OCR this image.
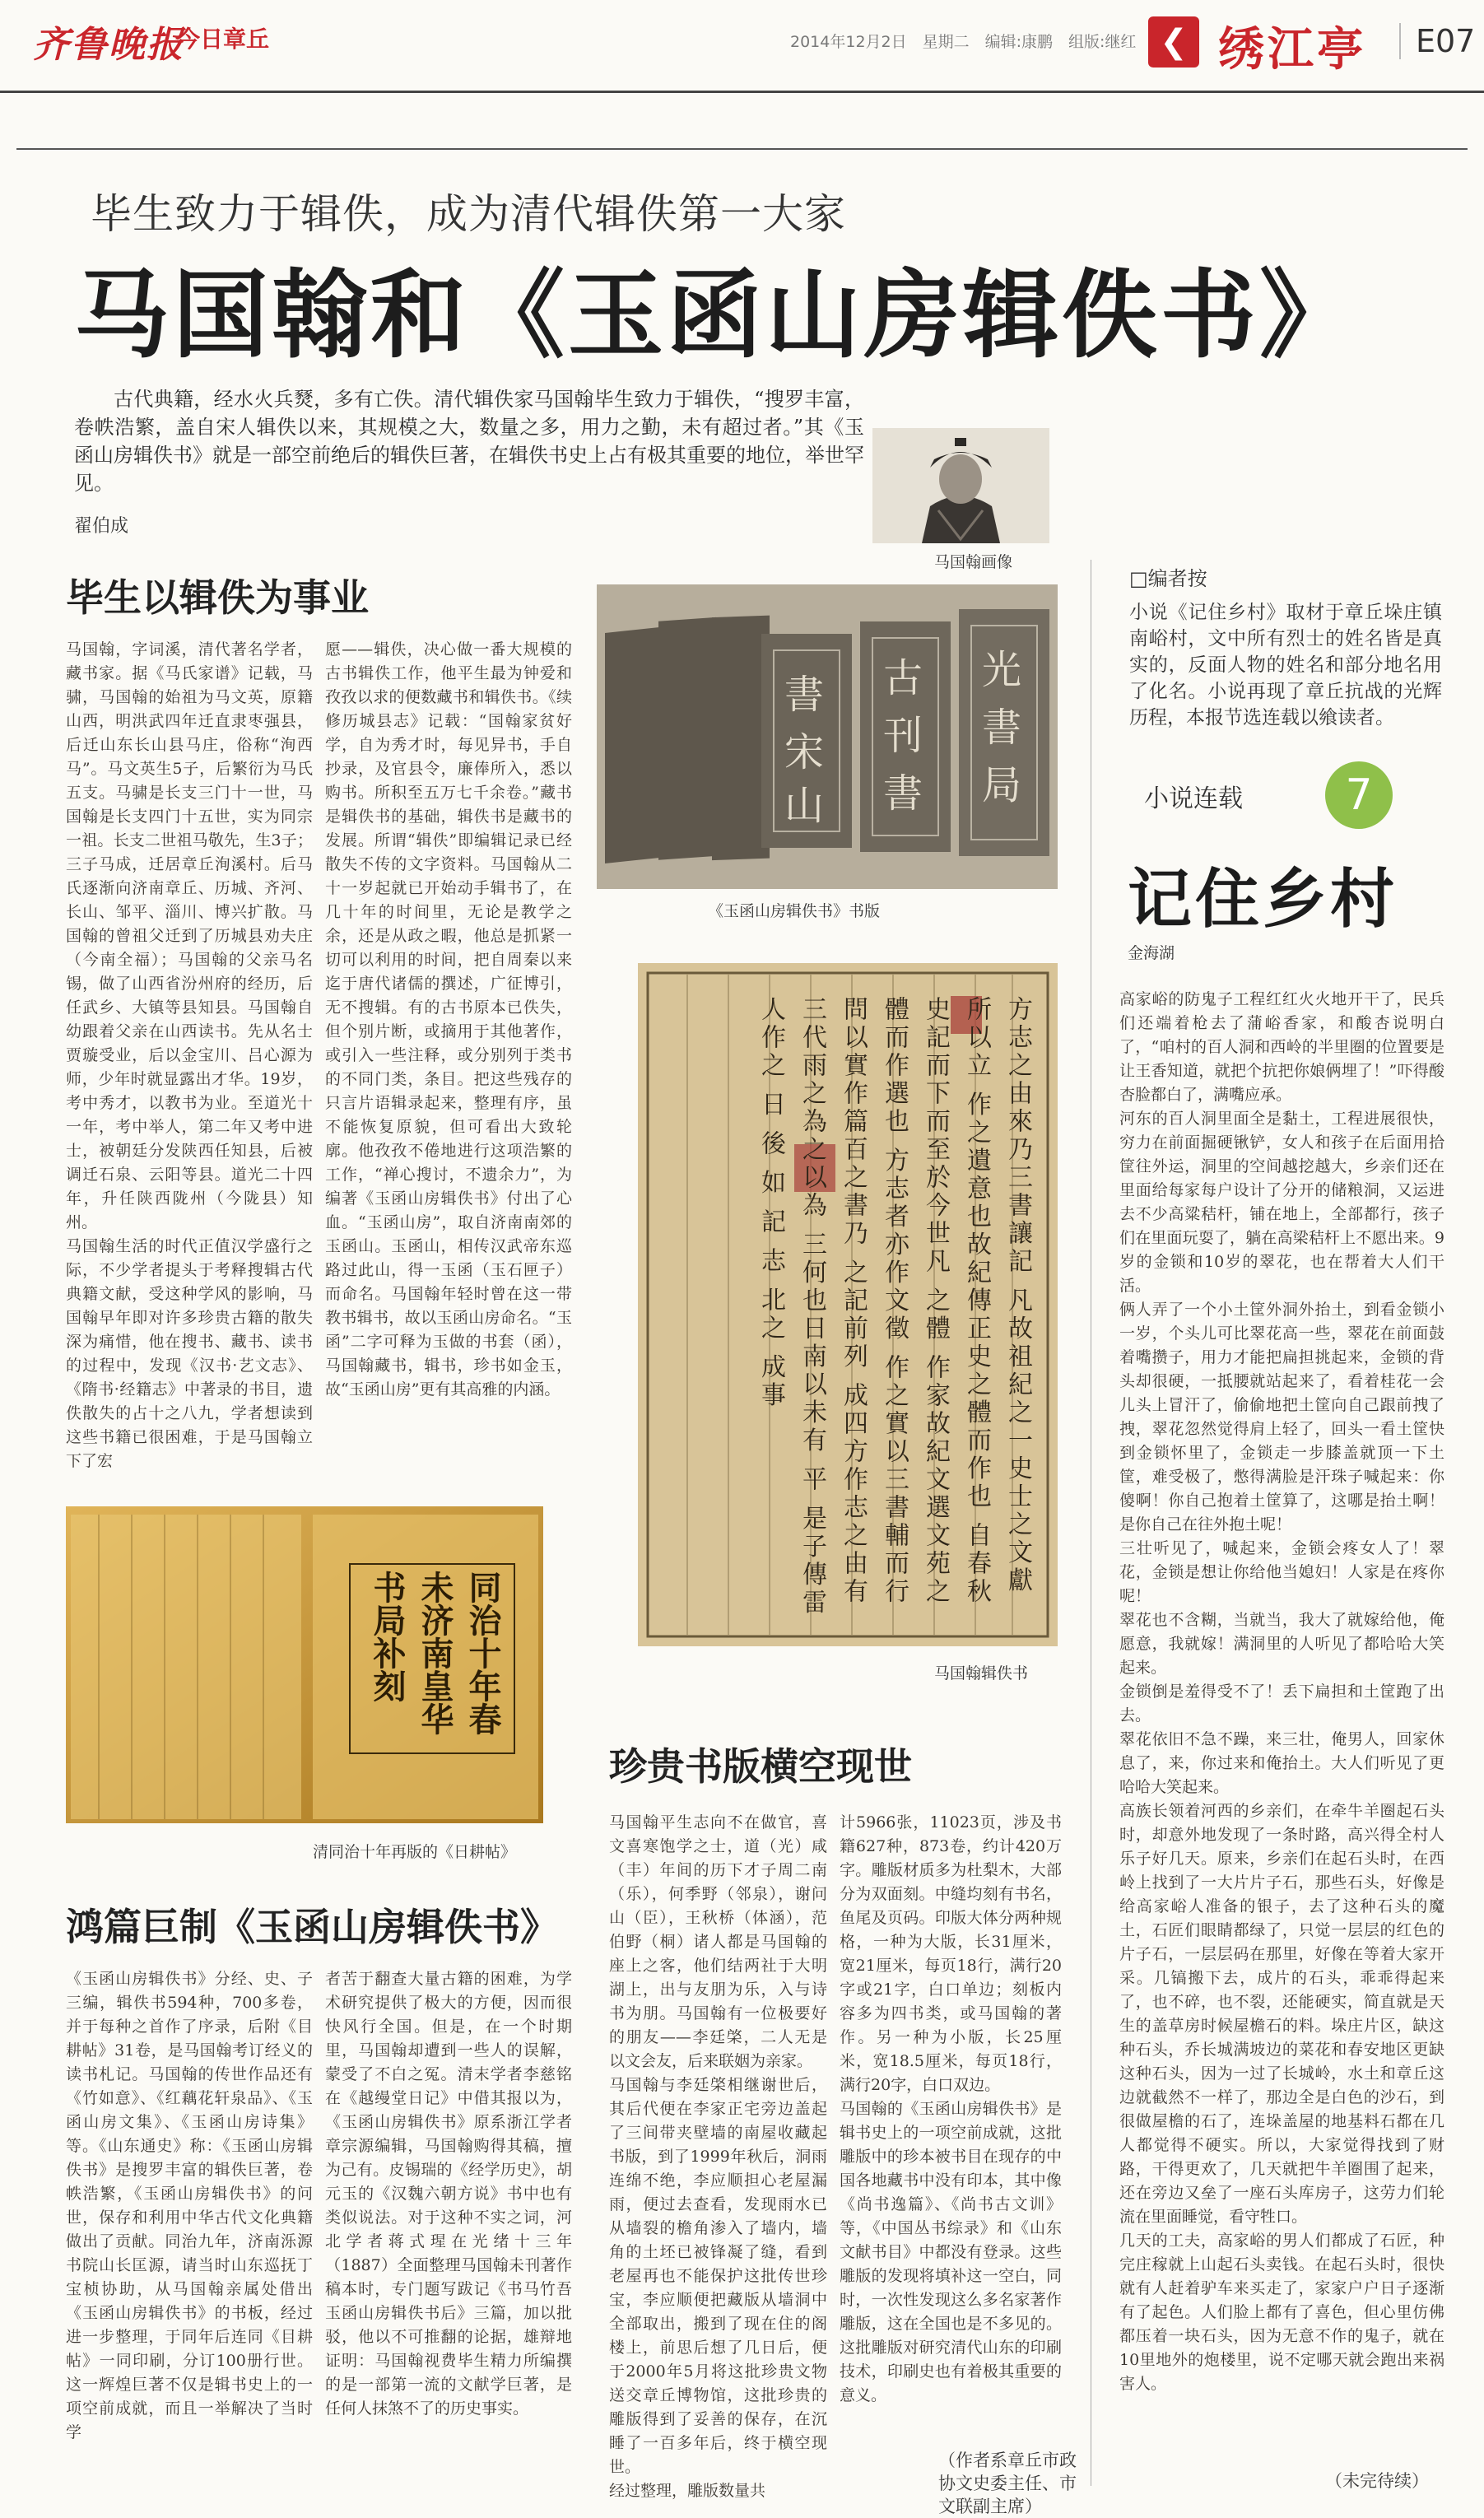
齐鲁晚报
今日章丘	2014年12月2日　星期二　编辑:康鹏　组版:继红 ❮ 绣江亭	E07
毕生致力于辑佚，成为清代辑佚第一大家
马国翰和《玉函山房辑佚书》
古代典籍，经水火兵燹，多有亡佚。清代辑佚家马国翰毕生致力于辑佚，“搜罗丰富，卷帙浩繁，盖自宋人辑佚以来，其规模之大，数量之多，用力之勤，未有超过者。”其《玉函山房辑佚书》就是一部空前绝后的辑佚巨著，在辑佚书史上占有极其重要的地位，举世罕见。
翟伯成
马国翰画像
毕生以辑佚为事业
马国翰，字词溪，清代著名学者，藏书家。据《马氏家谱》记载，马骕，马国翰的始祖为马文英，原籍山西，明洪武四年迁直隶枣强县，后迁山东长山县马庄，俗称“洵西马”。马文英生5子，后繁衍为马氏五支。马骕是长支三门十一世，马国翰是长支四门十五世，实为同宗一祖。长支二世祖马敬先，生3子；三子马成，迁居章丘洵溪村。后马氏逐渐向济南章丘、历城、齐河、长山、邹平、淄川、博兴扩散。马国翰的曾祖父迁到了历城县劝夫庄（今南全福）；马国翰的父亲马名锡，做了山西省汾州府的经历，后任武乡、大镇等县知县。马国翰自幼跟着父亲在山西读书。先从名士贾璇受业，后以金宝川、吕心源为师，少年时就显露出才华。19岁，考中秀才，以教书为业。至道光十一年，考中举人，第二年又考中进士，被朝廷分发陕西任知县，后被调迁石泉、云阳等县。道光二十四年，升任陕西陇州（今陇县）知州。
马国翰生活的时代正值汉学盛行之际，不少学者提头于考释搜辑古代典籍文献，受这种学风的影响，马国翰早年即对许多珍贵古籍的散失深为痛惜，他在搜书、藏书、读书的过程中，发现《汉书·艺文志》、《隋书·经籍志》中著录的书目，遗佚散失的占十之八九，学者想读到这些书籍已很困难，于是马国翰立下了宏
愿——辑佚，决心做一番大规模的古书辑佚工作，他平生最为钟爱和孜孜以求的便数藏书和辑佚书。《续修历城县志》记载：“国翰家贫好学，自为秀才时，每见异书，手自抄录，及官县令，廉俸所入，悉以购书。所积至五万七千余卷。”藏书是辑佚书的基础，辑佚书是藏书的发展。所谓“辑佚”即编辑记录已经散失不传的文字资料。马国翰从二十一岁起就已开始动手辑书了，在几十年的时间里，无论是教学之余，还是从政之暇，他总是抓紧一切可以利用的时间，把自周秦以来迄于唐代诸儒的撰述，广征博引，无不搜辑。有的古书原本已佚失，但个别片断，或摘用于其他著作，或引入一些注释，或分别列于类书的不同门类，条目。把这些残存的只言片语辑录起来，整理有序，虽不能恢复原貌，但可看出大致轮廓。他孜孜不倦地进行这项浩繁的工作，“禅心搜讨，不遗余力”，为编著《玉函山房辑佚书》付出了心血。“玉函山房”，取自济南南郊的玉函山。玉函山，相传汉武帝东巡路过此山，得一玉函（玉石匣子）而命名。马国翰年轻时曾在这一带教书辑书，故以玉函山房命名。“玉函”二字可释为玉做的书套（函），马国翰藏书，辑书，珍书如金玉，故“玉函山房”更有其高雅的内涵。
書
宋
山
古
刊
書
光
書
局
《玉函山房辑佚书》书版
方志之由來乃三書讓記 凡故祖紀之一史士之文獻所以立 作之遺意也故紀傳正史之體而作也 自春秋史記而下而至於今世凡 之體 作家故紀文選文苑之體而作選也 方志者亦作文徵 作之實以三書輔而行 問以實作篇百之書乃 之記前列 成四方作志之由有 三代雨之為之以為 三何也日南以未有 平 是子傳雷人作之 日 後 如 記 志 北之 成事
马国翰辑佚书
珍贵书版横空现世
马国翰平生志向不在做官，喜文喜寒饱学之士，道（光）咸（丰）年间的历下才子周二南（乐），何季野（邻泉），谢问山（臣），王秋桥（体涵），范伯野（桐）诸人都是马国翰的座上之客，他们结两社于大明湖上，出与友朋为乐，入与诗书为朋。马国翰有一位极要好的朋友——李廷棨，二人无是以文会友，后来联姻为亲家。
马国翰与李廷棨相继谢世后，其后代便在李家正宅旁边盖起了三间带夹壁墙的南屋收藏起书版，到了1999年秋后，洞雨连绵不绝，李应顺担心老屋漏雨，便过去查看，发现雨水已从墙裂的檐角渗入了墙内，墙角的土坯已被锋凝了缝，看到老屋再也不能保护这批传世珍宝，李应顺便把藏版从墙洞中全部取出，搬到了现在住的阁楼上，前思后想了几日后，便于2000年5月将这批珍贵文物送交章丘博物馆，这批珍贵的雕版得到了妥善的保存，在沉睡了一百多年后，终于横空现世。
经过整理，雕版数量共
计5966张，11023页，涉及书籍627种，873卷，约计420万字。雕版材质多为杜梨木，大部分为双面刻。中缝均刻有书名，鱼尾及页码。印版大体分两种规格，一种为大版，长31厘米，宽21厘米，每页18行，满行20字或21字，白口单边；刻板内容多为四书类，或马国翰的著作。另一种为小版，长25厘米，宽18.5厘米，每页18行，满行20字，白口双边。
马国翰的《玉函山房辑佚书》是辑书史上的一项空前成就，这批雕版中的珍本被书目在现存的中国各地藏书中没有印本，其中像《尚书逸篇》、《尚书古文训》等，《中国丛书综录》和《山东文献书目》中都没有登录。这些雕版的发现将填补这一空白，同时，一次性发现这么多名家著作雕版，这在全国也是不多见的。这批雕版对研究清代山东的印刷技术，印刷史也有着极其重要的意义。
（作者系章丘市政协文史委主任、市文联副主席）
同治十年春 未济南皇华 书局补刻
清同治十年再版的《日耕帖》
鸿篇巨制《玉函山房辑佚书》
《玉函山房辑佚书》分经、史、子三编，辑佚书594种，700多卷，并于每种之首作了序录，后附《目耕帖》31卷，是马国翰考订经义的读书札记。马国翰的传世作品还有《竹如意》、《红藕花轩泉品》、《玉函山房文集》、《玉函山房诗集》等。《山东通史》称：《玉函山房辑佚书》是搜罗丰富的辑佚巨著，卷帙浩繁，《玉函山房辑佚书》的问世，保存和利用中华古代文化典籍做出了贡献。同治九年，济南泺源书院山长匡源，请当时山东巡抚丁宝桢协助，从马国翰亲属处借出《玉函山房辑佚书》的书板，经过进一步整理，于同年后连同《目耕帖》一同印刷，分订100册行世。这一辉煌巨著不仅是辑书史上的一项空前成就，而且一举解决了当时学
者苦于翻查大量古籍的困难，为学术研究提供了极大的方便，因而很快风行全国。但是，在一个时期里，马国翰却遭到一些人的误解，蒙受了不白之冤。清末学者李慈铭在《越缦堂日记》中借其报以为，《玉函山房辑佚书》原系浙江学者章宗源编辑，马国翰购得其稿，擅为己有。皮锡瑞的《经学历史》，胡元玉的《汉魏六朝方说》书中也有类似说法。对于这种不实之词，河北学者蒋式瑆在光绪十三年（1887）全面整理马国翰未刊著作稿本时，专门题写跋记《书马竹吾玉函山房辑佚书后》三篇，加以批驳，他以不可推翻的论据，雄辩地证明：马国翰视费毕生精力所编撰的是一部第一流的文献学巨著，是任何人抹煞不了的历史事实。
□编者按
小说《记住乡村》取材于章丘垛庄镇南峪村，文中所有烈士的姓名皆是真实的，反面人物的姓名和部分地名用了化名。小说再现了章丘抗战的光辉历程，本报节选连载以飨读者。
小说连载	7
记住乡村
金海湖
高家峪的防鬼子工程红红火火地开干了，民兵们还端着枪去了蒲峪香家，和酸杏说明白了，“咱村的百人洞和西岭的半里圈的位置要是让王香知道，就把个抗把你娘俩埋了！”吓得酸杏脸都白了，满嘴应承。
河东的百人洞里面全是黏土，工程进展很快，穷力在前面掘硬锹铲，女人和孩子在后面用拾筐往外运，洞里的空间越挖越大，乡亲们还在里面给每家每户设计了分开的储粮洞，又运进去不少高粱秸杆，铺在地上，全部都行，孩子们在里面玩耍了，躺在高梁秸杆上不愿出来。9岁的金锁和10岁的翠花，也在帮着大人们干活。
俩人弄了一个小土筐外洞外抬土，到看金锁小一岁，个头儿可比翠花高一些，翠花在前面鼓着嘴攒子，用力才能把扁担挑起来，金锁的背头却很硬，一抵腰就站起来了，看着桂花一会儿头上冒汗了，偷偷地把土筐向自己跟前拽了拽，翠花忽然觉得肩上轻了，回头一看土筐快到金锁怀里了，金锁走一步膝盖就顶一下土筐，难受极了，憋得满脸是汗珠子喊起来：你傻啊！你自己抱着土筐算了，这哪是抬土啊！是你自己在往外抱土呢！
三壮听见了，喊起来，金锁会疼女人了！翠花，金锁是想让你给他当媳妇！人家是在疼你呢！
翠花也不含糊，当就当，我大了就嫁给他，俺愿意，我就嫁！满洞里的人听见了都哈哈大笑起来。
金锁倒是羞得受不了！丢下扁担和土筐跑了出去。
翠花依旧不急不躁，来三壮，俺男人，回家休息了，来，你过来和俺抬土。大人们听见了更哈哈大笑起来。
高族长领着河西的乡亲们，在牵牛羊圈起石头时，却意外地发现了一条时路，高兴得全村人乐子好几天。原来，乡亲们在起石头时，在西岭上找到了一大片片子石，那些石头，好像是给高家峪人准备的银子，去了这种石头的魔土，石匠们眼睛都绿了，只觉一层层的红色的片子石，一层层码在那里，好像在等着大家开采。几镐搬下去，成片的石头，乖乖得起来了，也不碎，也不裂，还能硬实，简直就是天生的盖草房时候屋檐石的料。垛庄片区，缺这种石头，乔长城满坡边的菜花和春安地区更缺这种石头，因为一过了长城岭，水土和章丘这边就截然不一样了，那边全是白色的沙石，到很做屋檐的石了，连垛盖屋的地基料石都在几人都觉得不硬实。所以，大家觉得找到了财路，干得更欢了，几天就把牛羊圈围了起来，还在旁边又垒了一座石头库房子，这劳力们轮流在里面睡觉，看守牲口。
几天的工夫，高家峪的男人们都成了石匠，种完庄稼就上山起石头卖钱。在起石头时，很快就有人赶着驴车来买走了，家家户户日子逐渐有了起色。人们脸上都有了喜色，但心里仿佛都压着一块石头，因为无意不作的鬼子，就在10里地外的炮楼里，说不定哪天就会跑出来祸害人。
（未完待续）
